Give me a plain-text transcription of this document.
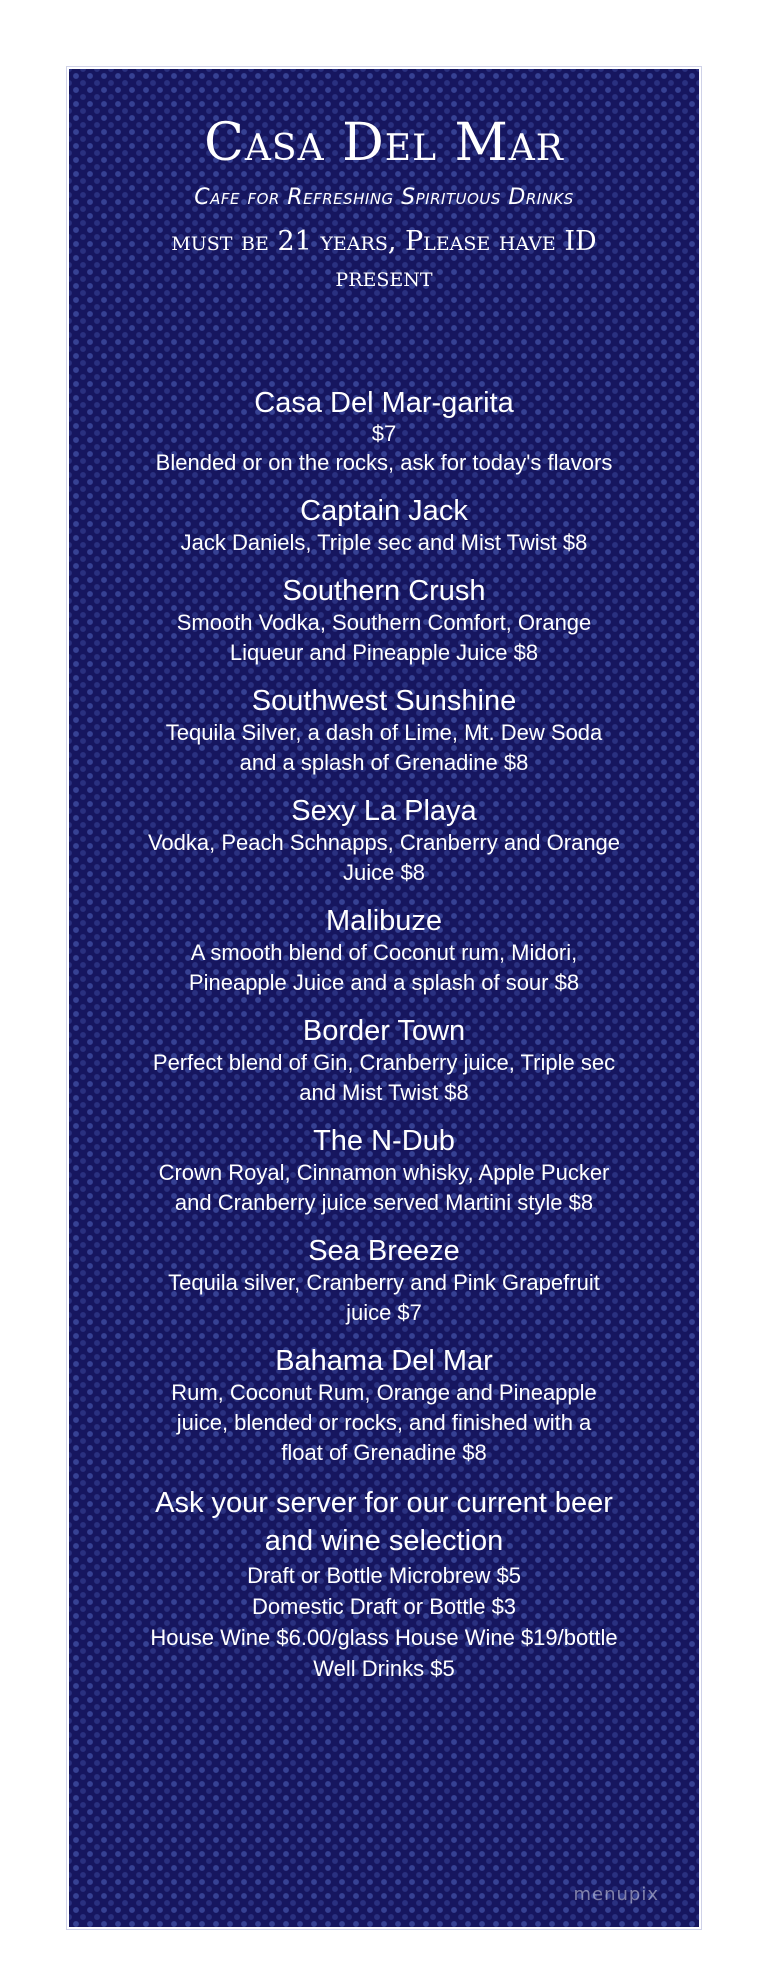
Casa Del Mar
Cafe for Refreshing Spirituous Drinks
must be 21 years, Please have ID present
Casa Del Mar-garita
$7
Blended or on the rocks, ask for today's flavors
Captain Jack
Jack Daniels, Triple sec and Mist Twist $8
Southern Crush
Smooth Vodka, Southern Comfort, Orange
Liqueur and Pineapple Juice $8
Southwest Sunshine
Tequila Silver, a dash of Lime, Mt. Dew Soda
and a splash of Grenadine $8
Sexy La Playa
Vodka, Peach Schnapps, Cranberry and Orange
Juice $8
Malibuze
A smooth blend of Coconut rum, Midori,
Pineapple Juice and a splash of sour $8
Border Town
Perfect blend of Gin, Cranberry juice, Triple sec
and Mist Twist $8
The N-Dub
Crown Royal, Cinnamon whisky, Apple Pucker
and Cranberry juice served Martini style $8
Sea Breeze
Tequila silver, Cranberry and Pink Grapefruit
juice $7
Bahama Del Mar
Rum, Coconut Rum, Orange and Pineapple
juice, blended or rocks, and finished with a
float of Grenadine $8
Ask your server for our current beer
and wine selection
Draft or Bottle Microbrew $5
Domestic Draft or Bottle $3
House Wine $6.00/glass House Wine $19/bottle
Well Drinks $5
menupix
